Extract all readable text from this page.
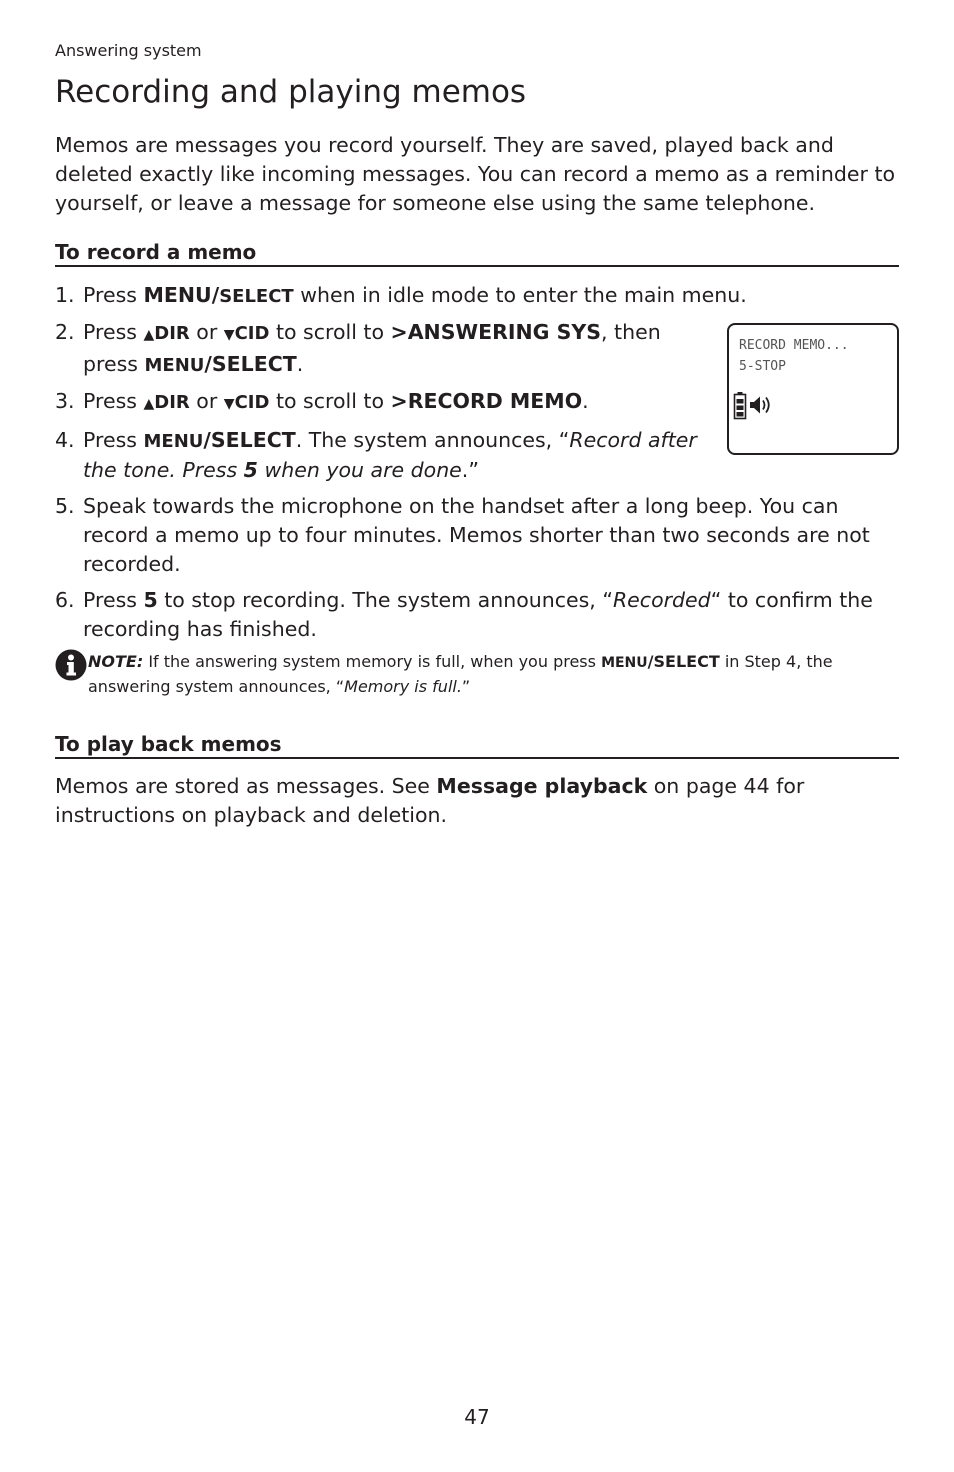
Answering system
Recording and playing memos

Memos are messages you record yourself. They are saved, played back and deleted exactly like incoming messages. You can record a memo as a reminder to yourself, or leave a message for someone else using the same telephone.

To record a memo
1. Press MENU/SELECT when in idle mode to enter the main menu.
2. Press ▲DIR or ▼CID to scroll to >ANSWERING SYS, then press MENU/SELECT.
3. Press ▲DIR or ▼CID to scroll to >RECORD MEMO.
4. Press MENU/SELECT. The system announces, “Record after the tone. Press 5 when you are done.”
5. Speak towards the microphone on the handset after a long beep. You can record a memo up to four minutes. Memos shorter than two seconds are not recorded.
6. Press 5 to stop recording. The system announces, “Recorded“ to confirm the recording has finished.
RECORD MEMO...
5-STOP
NOTE: If the answering system memory is full, when you press MENU/SELECT in Step 4, the answering system announces, “Memory is full.”
To play back memos

Memos are stored as messages. See Message playback on page 44 for instructions on playback and deletion.

47
